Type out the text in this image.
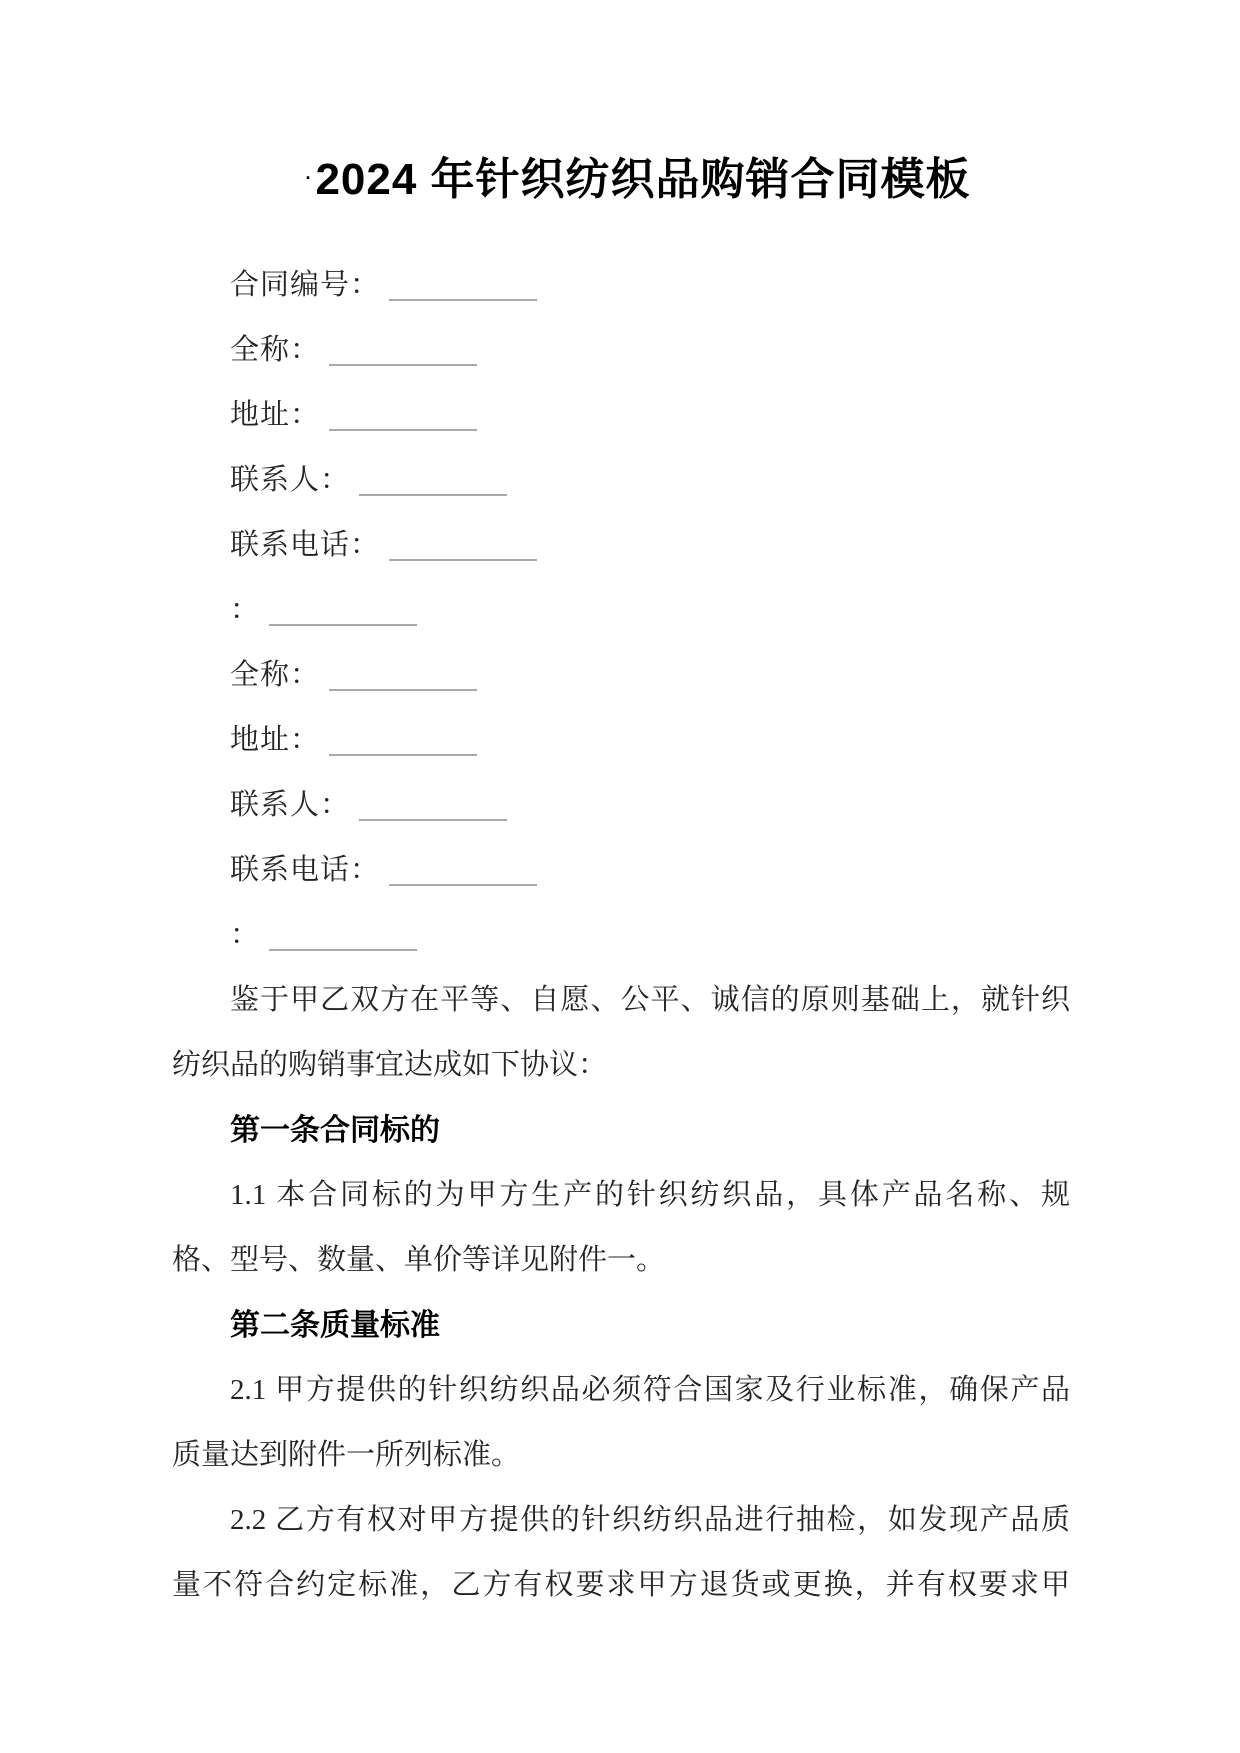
·2024 年针织纺织品购销合同模板
合同编号：
全称：
地址：
联系人：
联系电话：
：
全称：
地址：
联系人：
联系电话：
：
鉴于甲乙双方在平等、自愿、公平、诚信的原则基础上，就针织
纺织品的购销事宜达成如下协议：
第一条合同标的
1.1 本合同标的为甲方生产的针织纺织品，具体产品名称、规
格、型号、数量、单价等详见附件一。
第二条质量标准
2.1 甲方提供的针织纺织品必须符合国家及行业标准，确保产品
质量达到附件一所列标准。
2.2 乙方有权对甲方提供的针织纺织品进行抽检，如发现产品质
量不符合约定标准，乙方有权要求甲方退货或更换，并有权要求甲
